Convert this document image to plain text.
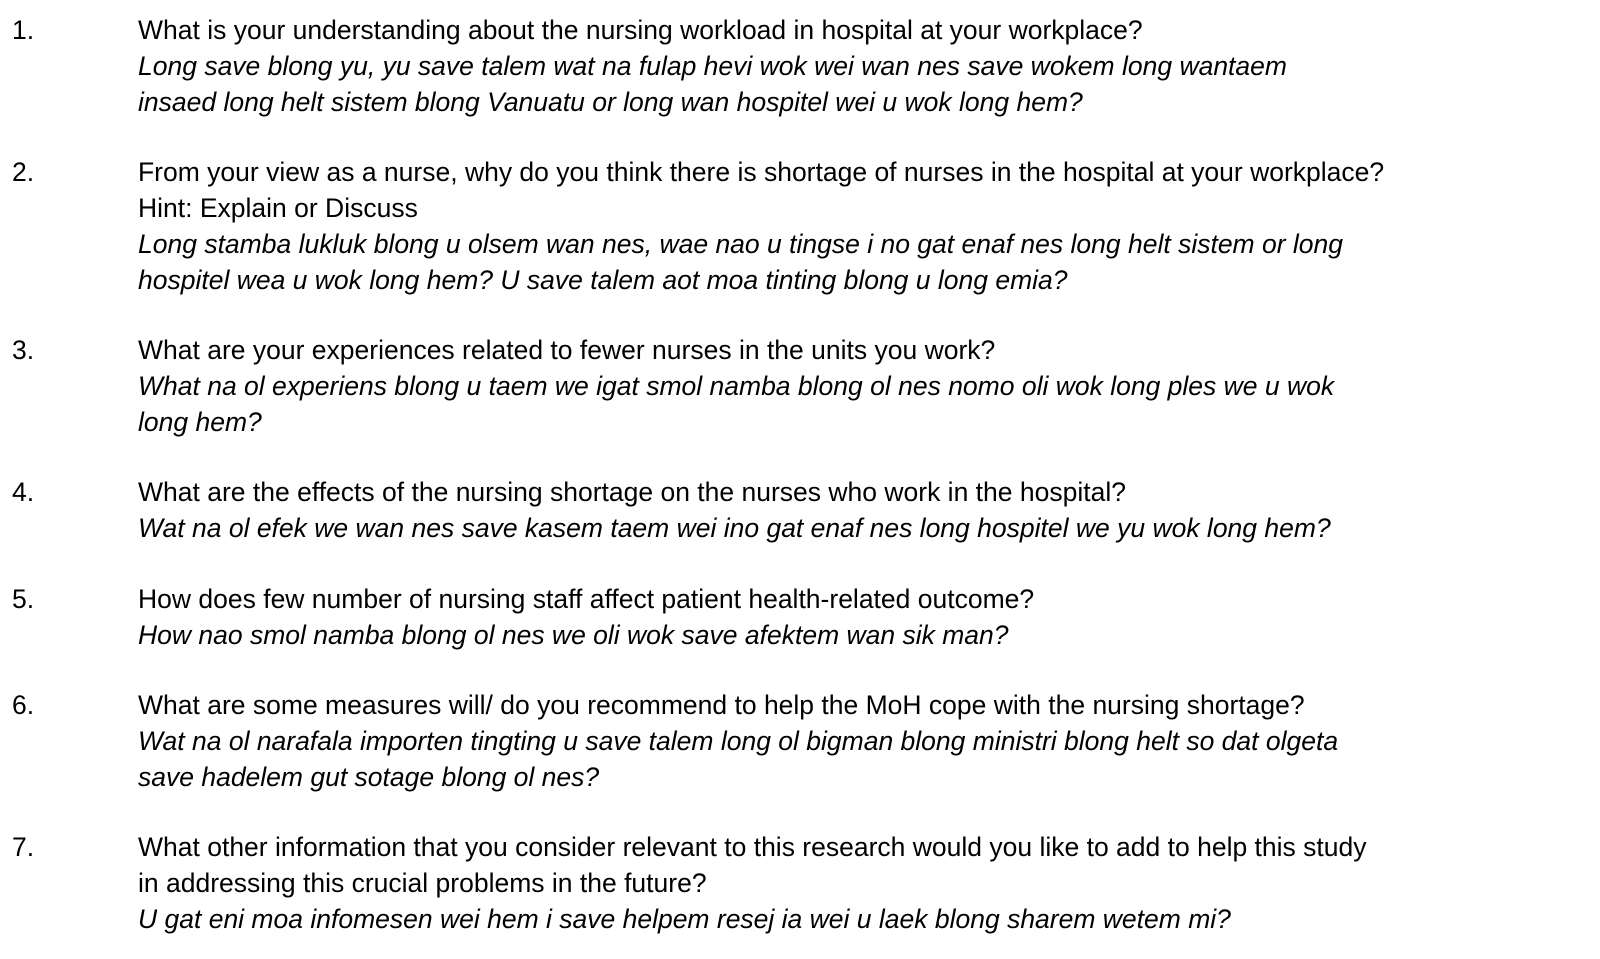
1.	What is your understanding about the nursing workload in hospital at your workplace?
Long save blong yu, yu save talem wat na fulap hevi wok wei wan nes save wokem long wantaem
insaed long helt sistem blong Vanuatu or long wan hospitel wei u wok long hem?
2.	From your view as a nurse, why do you think there is shortage of nurses in the hospital at your workplace?
Hint: Explain or Discuss
Long stamba lukluk blong u olsem wan nes, wae nao u tingse i no gat enaf nes long helt sistem or long
hospitel wea u wok long hem? U save talem aot moa tinting blong u long emia?
3.	What are your experiences related to fewer nurses in the units you work?
What na ol experiens blong u taem we igat smol namba blong ol nes nomo oli wok long ples we u wok
long hem?
4.	What are the effects of the nursing shortage on the nurses who work in the hospital?
Wat na ol efek we wan nes save kasem taem wei ino gat enaf nes long hospitel we yu wok long hem?
5.	How does few number of nursing staff affect patient health-related outcome?
How nao smol namba blong ol nes we oli wok save afektem wan sik man?
6.	What are some measures will/ do you recommend to help the MoH cope with the nursing shortage?
Wat na ol narafala importen tingting u save talem long ol bigman blong ministri blong helt so dat olgeta
save hadelem gut sotage blong ol nes?
7.	What other information that you consider relevant to this research would you like to add to help this study
in addressing this crucial problems in the future?
U gat eni moa infomesen wei hem i save helpem resej ia wei u laek blong sharem wetem mi?
